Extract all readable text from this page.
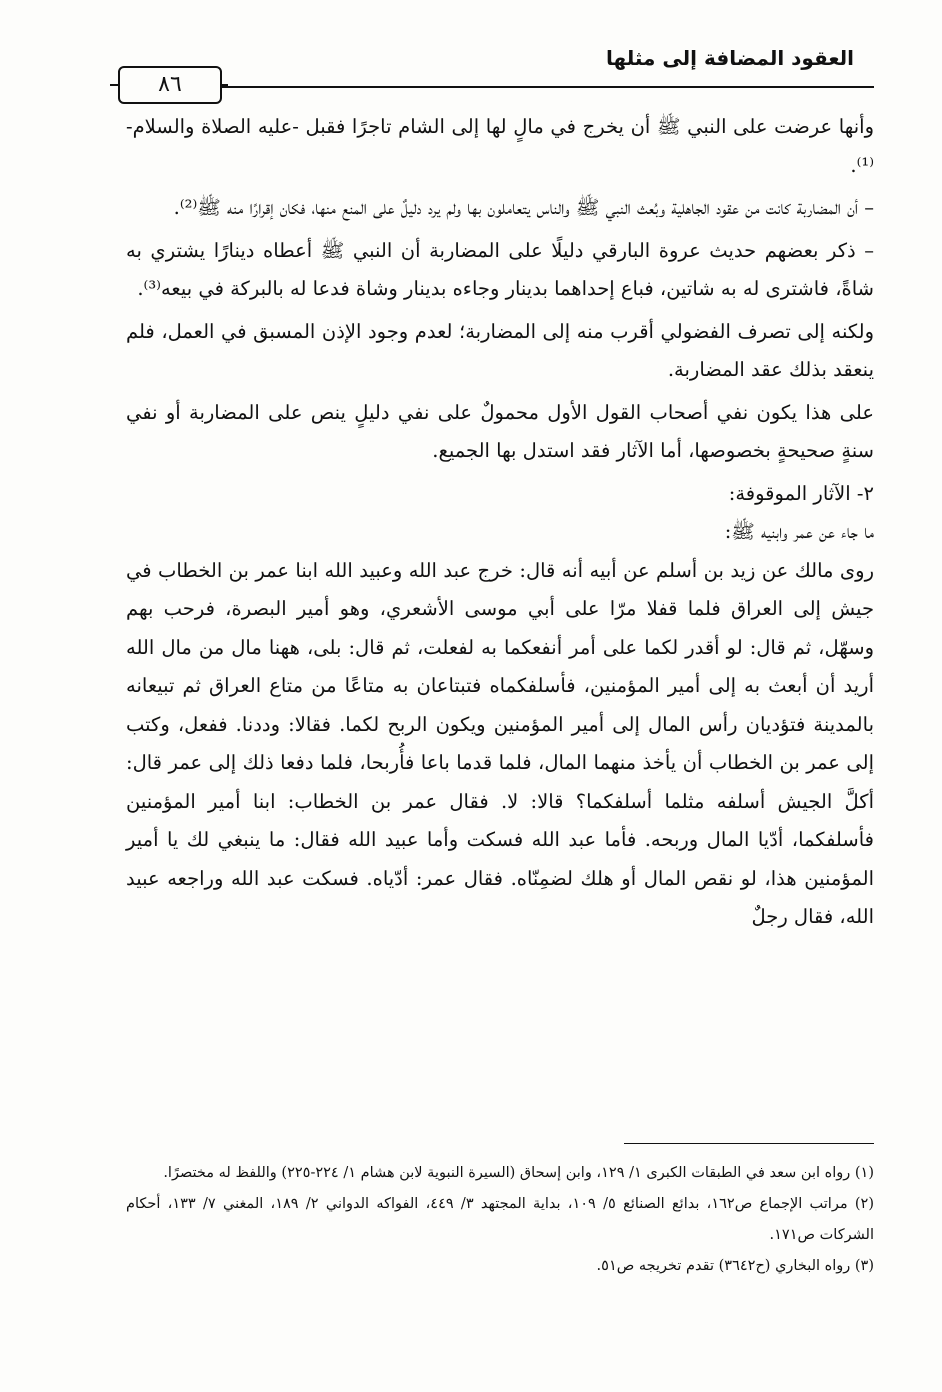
العقود المضافة إلى مثلها
٨٦

وأنها عرضت على النبي ﷺ أن يخرج في مالٍ لها إلى الشام تاجرًا فقبل -عليه الصلاة والسلام-⁽¹⁾.

– أن المضاربة كانت من عقود الجاهلية وبُعث النبي ﷺ والناس يتعاملون بها ولم يرد دليلٌ على المنع منها، فكان إقرارًا منه ﷺ⁽²⁾.

– ذكر بعضهم حديث عروة البارقي دليلًا على المضاربة أن النبي ﷺ أعطاه دينارًا يشتري به شاةً، فاشترى له به شاتين، فباع إحداهما بدينار وجاءه بدينار وشاة فدعا له بالبركة في بيعه⁽³⁾.

ولكنه إلى تصرف الفضولي أقرب منه إلى المضاربة؛ لعدم وجود الإذن المسبق في العمل، فلم ينعقد بذلك عقد المضاربة.

على هذا يكون نفي أصحاب القول الأول محمولٌ على نفي دليلٍ ينص على المضاربة أو نفي سنةٍ صحيحةٍ بخصوصها، أما الآثار فقد استدل بها الجميع.

٢- الآثار الموقوفة:

ما جاء عن عمر وابنيه ﷺ:

روى مالك عن زيد بن أسلم عن أبيه أنه قال: خرج عبد الله وعبيد الله ابنا عمر بن الخطاب في جيش إلى العراق فلما قفلا مرّا على أبي موسى الأشعري، وهو أمير البصرة، فرحب بهم وسهّل، ثم قال: لو أقدر لكما على أمر أنفعكما به لفعلت، ثم قال: بلى، ههنا مال من مال الله أريد أن أبعث به إلى أمير المؤمنين، فأسلفكماه فتبتاعان به متاعًا من متاع العراق ثم تبيعانه بالمدينة فتؤديان رأس المال إلى أمير المؤمنين ويكون الربح لكما. فقالا: وددنا. ففعل، وكتب إلى عمر بن الخطاب أن يأخذ منهما المال، فلما قدما باعا فأُربحا، فلما دفعا ذلك إلى عمر قال: أكلَّ الجيش أسلفه مثلما أسلفكما؟ قالا: لا. فقال عمر بن الخطاب: ابنا أمير المؤمنين فأسلفكما، أدّيا المال وربحه. فأما عبد الله فسكت وأما عبيد الله فقال: ما ينبغي لك يا أمير المؤمنين هذا، لو نقص المال أو هلك لضمِنّاه. فقال عمر: أدّياه. فسكت عبد الله وراجعه عبيد الله، فقال رجلٌ

(١) رواه ابن سعد في الطبقات الكبرى ١/ ١٢٩، وابن إسحاق (السيرة النبوية لابن هشام ١/ ٢٢٤-٢٢٥) واللفظ له مختصرًا.

(٢) مراتب الإجماع ص١٦٢، بدائع الصنائع ٥/ ١٠٩، بداية المجتهد ٣/ ٤٤٩، الفواكه الدواني ٢/ ١٨٩، المغني ٧/ ١٣٣، أحكام الشركات ص١٧١.

(٣) رواه البخاري (ح٣٦٤٢) تقدم تخريجه ص٥١.
